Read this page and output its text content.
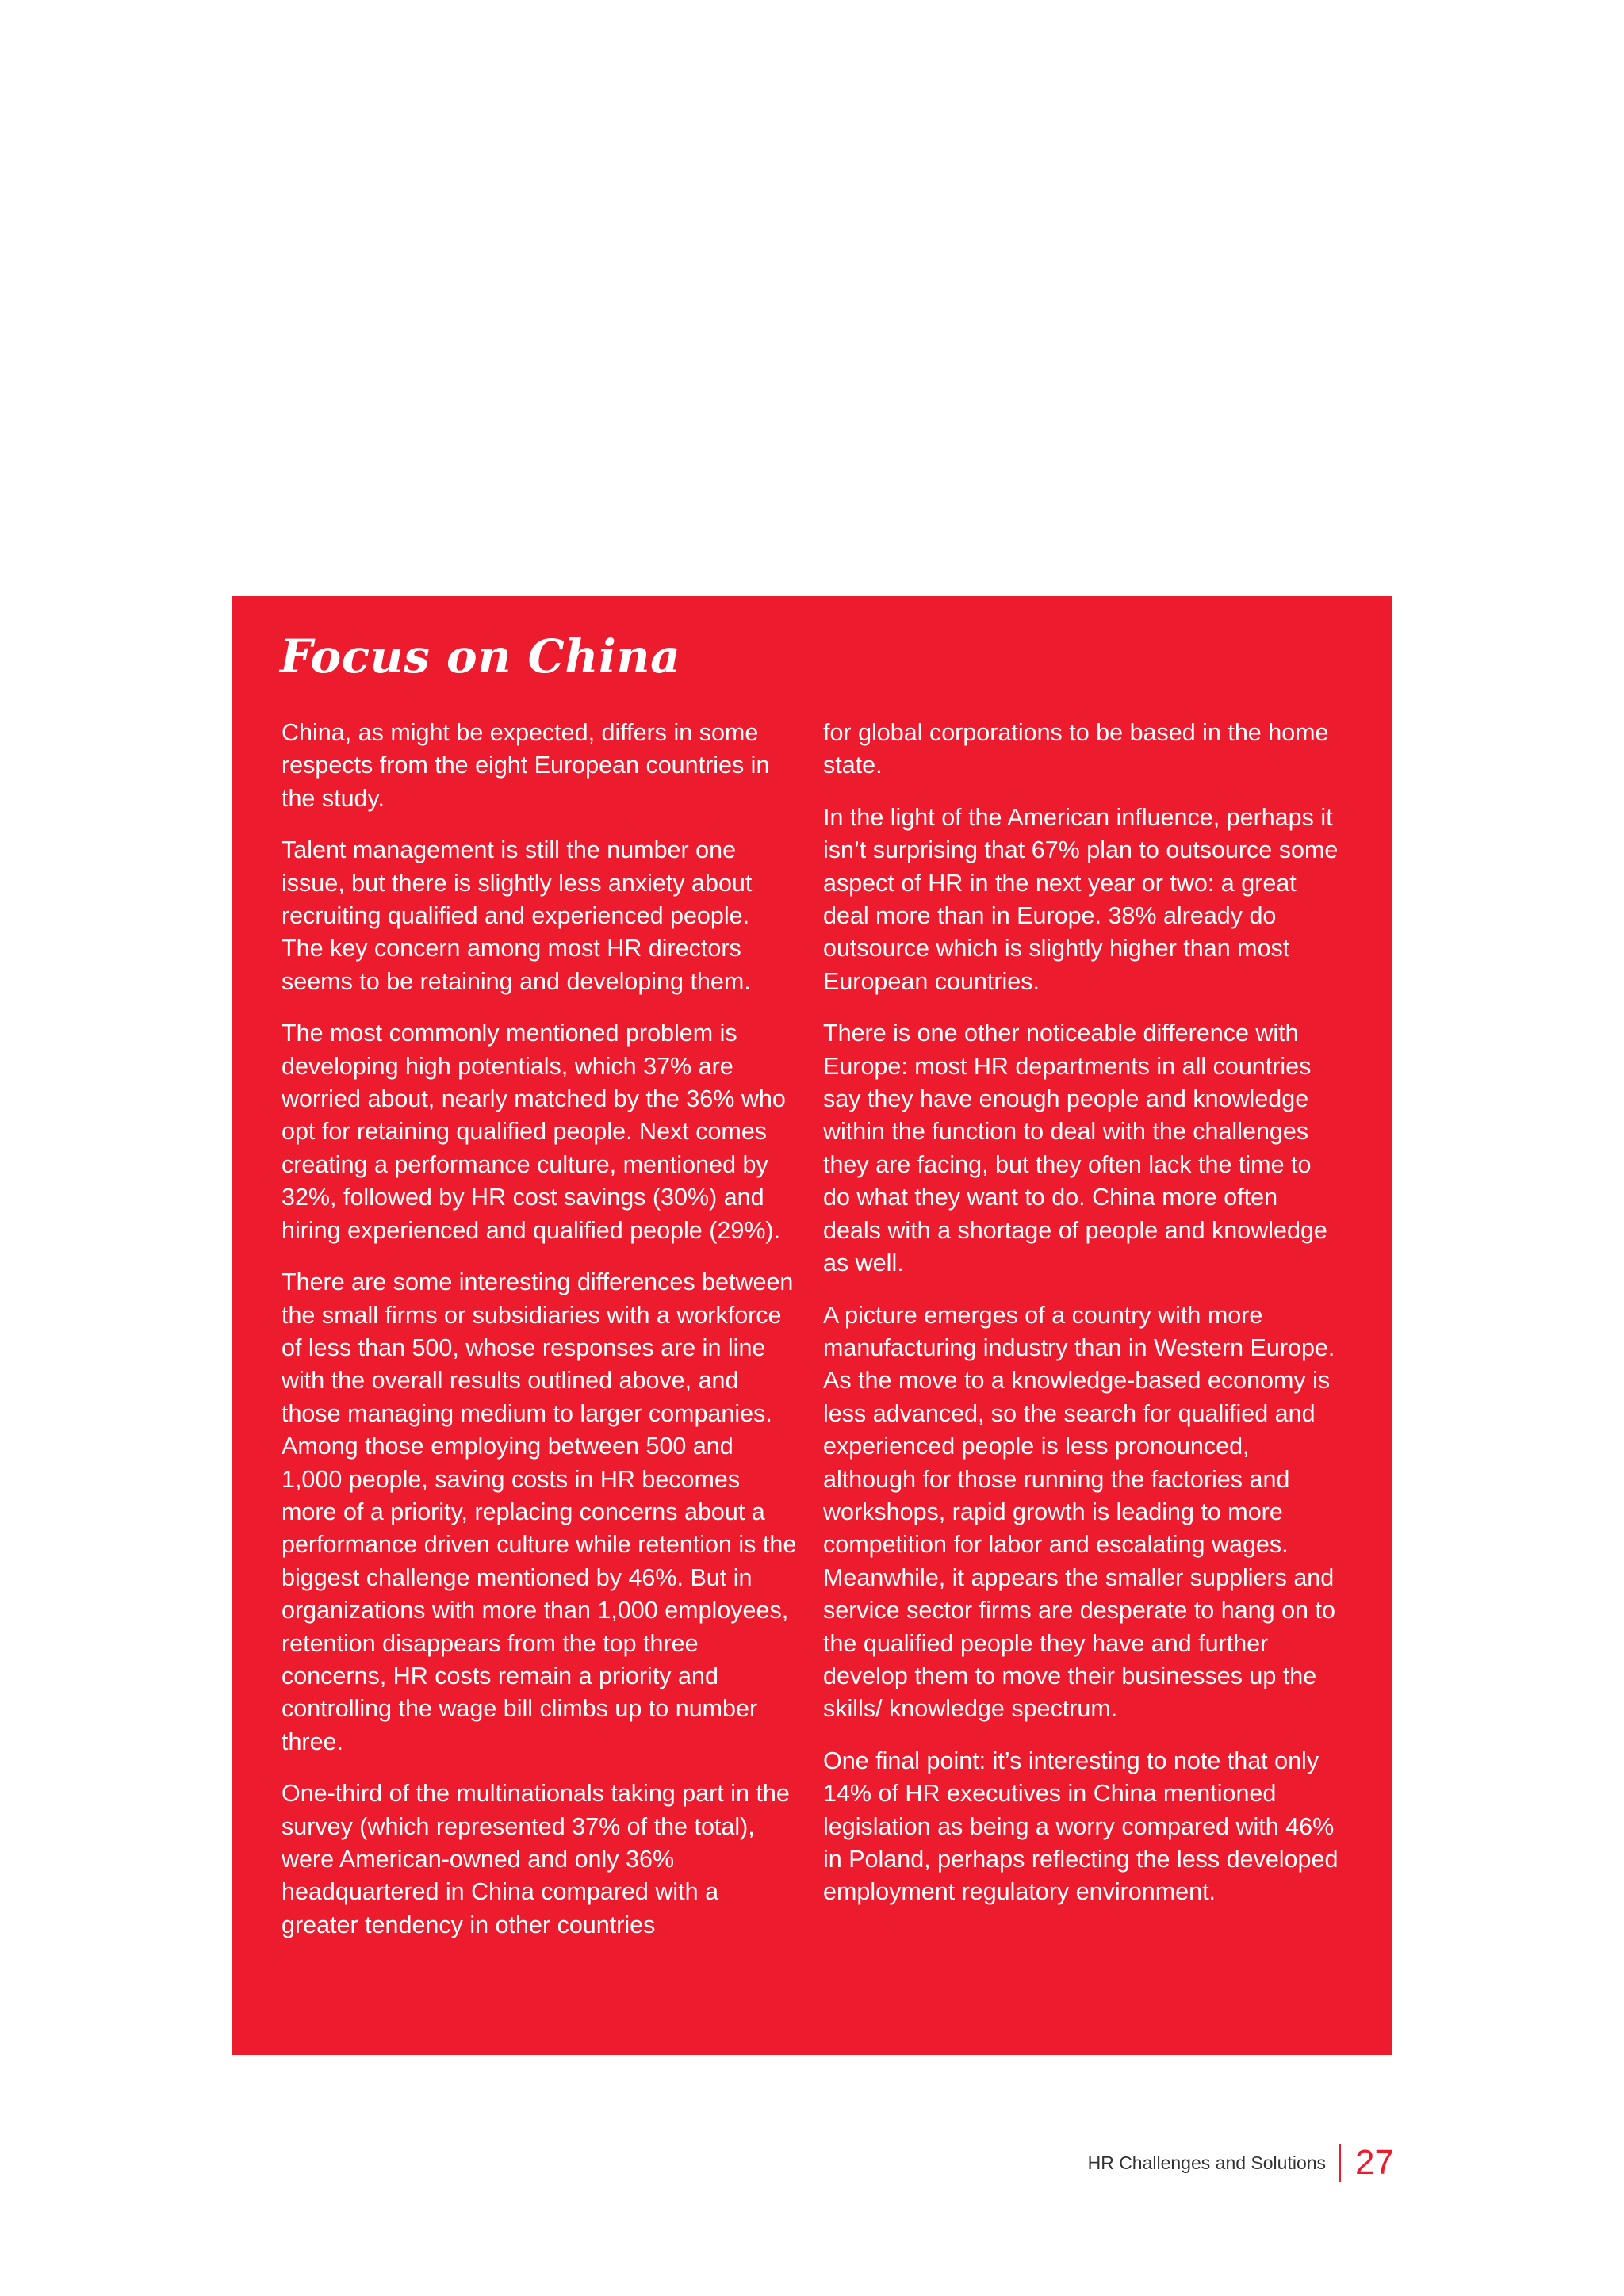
Focus on China

China, as might be expected, differs in some respects from the eight European countries in the study.

Talent management is still the number one issue, but there is slightly less anxiety about recruiting qualified and experienced people. The key concern among most HR directors seems to be retaining and developing them.

The most commonly mentioned problem is developing high potentials, which 37% are worried about, nearly matched by the 36% who opt for retaining qualified people. Next comes creating a performance culture, mentioned by 32%, followed by HR cost savings (30%) and hiring experienced and qualified people (29%).

There are some interesting differences between the small firms or subsidiaries with a workforce of less than 500, whose responses are in line with the overall results outlined above, and those managing medium to larger companies. Among those employing between 500 and 1,000 people, saving costs in HR becomes more of a priority, replacing concerns about a performance driven culture while retention is the biggest challenge mentioned by 46%. But in organizations with more than 1,000 employees, retention disappears from the top three concerns, HR costs remain a priority and controlling the wage bill climbs up to number three.

One-third of the multinationals taking part in the survey (which represented 37% of the total), were American-owned and only 36% headquartered in China compared with a greater tendency in other countries

for global corporations to be based in the home state.

In the light of the American influence, perhaps it isn’t surprising that 67% plan to outsource some aspect of HR in the next year or two: a great deal more than in Europe. 38% already do outsource which is slightly higher than most European countries.

There is one other noticeable difference with Europe: most HR departments in all countries say they have enough people and knowledge within the function to deal with the challenges they are facing, but they often lack the time to do what they want to do. China more often deals with a shortage of people and knowledge as well.

A picture emerges of a country with more manufacturing industry than in Western Europe. As the move to a knowledge-based economy is less advanced, so the search for qualified and experienced people is less pronounced, although for those running the factories and workshops, rapid growth is leading to more competition for labor and escalating wages. Meanwhile, it appears the smaller suppliers and service sector firms are desperate to hang on to the qualified people they have and further develop them to move their businesses up the skills/ knowledge spectrum.

One final point: it’s interesting to note that only 14% of HR executives in China mentioned legislation as being a worry compared with 46% in Poland, perhaps reflecting the less developed employment regulatory environment.

HR Challenges and Solutions 27
